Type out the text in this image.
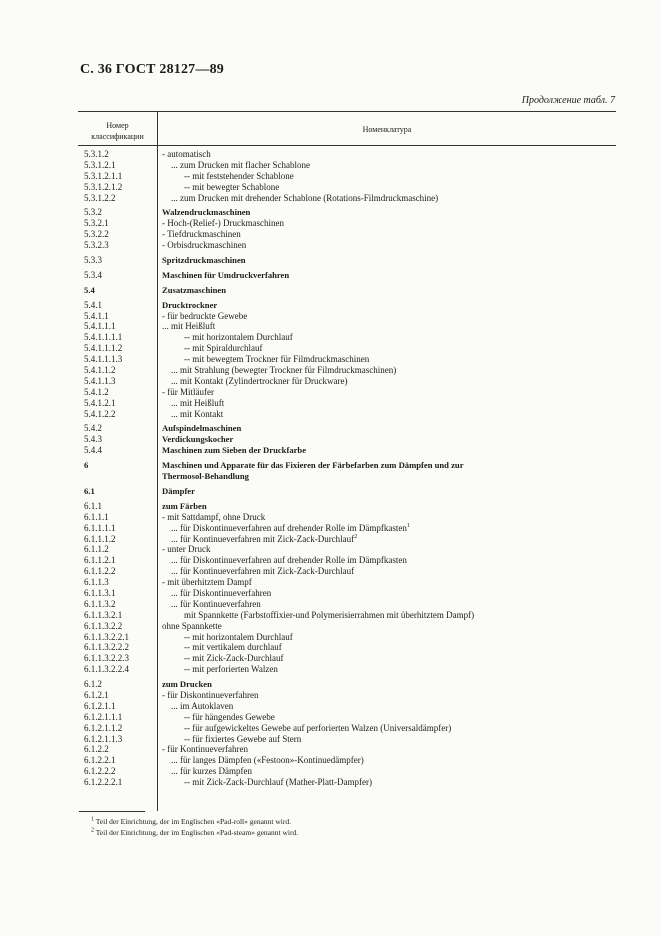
С. 36 ГОСТ 28127—89
Продолжение табл. 7
Номер
классификации
Номенклатура
5.3.1.2	- automatisch
5.3.1.2.1	... zum Drucken mit flacher Schablone
5.3.1.2.1.1	-- mit feststehender Schablone
5.3.1.2.1.2	-- mit bewegter Schablone
5.3.1.2.2	... zum Drucken mit drehender Schablone (Rotations-Filmdruckmaschine)
5.3.2	Walzendruckmaschinen
5.3.2.1	- Hoch-(Relief-) Druckmaschinen
5.3.2.2	- Tiefdruckmaschinen
5.3.2.3	- Orbisdruckmaschinen
5.3.3	Spritzdruckmaschinen
5.3.4	Maschinen für Umdruckverfahren
5.4	Zusatzmaschinen
5.4.1	Drucktrockner
5.4.1.1	- für bedruckte Gewebe
5.4.1.1.1	... mit Heißluft
5.4.1.1.1.1	-- mit horizontalem Durchlauf
5.4.1.1.1.2	-- mit Spiraldurchlauf
5.4.1.1.1.3	-- mit bewegtem Trockner für Filmdruckmaschinen
5.4.1.1.2	... mit Strahlung (bewegter Trockner für Filmdruckmaschinen)
5.4.1.1.3	... mit Kontakt (Zylindertrockner für Druckware)
5.4.1.2	- für Mitläufer
5.4.1.2.1	... mit Heißluft
5.4.1.2.2	... mit Kontakt
5.4.2	Aufspindelmaschinen
5.4.3	Verdickungskocher
5.4.4	Maschinen zum Sieben der Druckfarbe
6	Maschinen und Apparate für das Fixieren der Färbefarben zum Dämpfen und zur
Thermosol-Behandlung
6.1	Dämpfer
6.1.1	zum Färben
6.1.1.1	- mit Sattdampf, ohne Druck
6.1.1.1.1	... für Diskontinueverfahren auf drehender Rolle im Dämpfkasten$^1$
6.1.1.1.2	... für Kontinueverfahren mit Zick-Zack-Durchlauf$^2$
6.1.1.2	- unter Druck
6.1.1.2.1	... für Diskontinueverfahren auf drehender Rolle im Dämpfkasten
6.1.1.2.2	... für Kontinueverfahren mit Zick-Zack-Durchlauf
6.1.1.3	- mit überhitztem Dampf
6.1.1.3.1	... für Diskontinueverfahren
6.1.1.3.2	... für Kontinueverfahren
6.1.1.3.2.1	mit Spannkette (Farbstoffixier-und Polymerisierrahmen mit überhitztem Dampf)
6.1.1.3.2.2	ohne Spannkette
6.1.1.3.2.2.1	-- mit horizontalem Durchlauf
6.1.1.3.2.2.2	-- mit vertikalem durchlauf
6.1.1.3.2.2.3	-- mit Zick-Zack-Durchlauf
6.1.1.3.2.2.4	-- mit perforierten Walzen
6.1.2	zum Drucken
6.1.2.1	- für Diskontinueverfahren
6.1.2.1.1	... im Autoklaven
6.1.2.1.1.1	-- für hängendes Gewebe
6.1.2.1.1.2	-- für aufgewickeltes Gewebe auf perforierten Walzen (Universaldämpfer)
6.1.2.1.1.3	-- für fixiertes Gewebe auf Stern
6.1.2.2	- für Kontinueverfahren
6.1.2.2.1	... für langes Dämpfen («Festoon»-Kontinuedämpfer)
6.1.2.2.2	... für kurzes Dämpfen
6.1.2.2.2.1	-- mit Zick-Zack-Durchlauf (Mather-Platt-Dampfer)
$^1$ Teil der Einrichtung, der im Englischen «Pad-roll» genannt wird.
$^2$ Teil der Einrichtung, der im Englischen «Pad-steam» genannt wird.
